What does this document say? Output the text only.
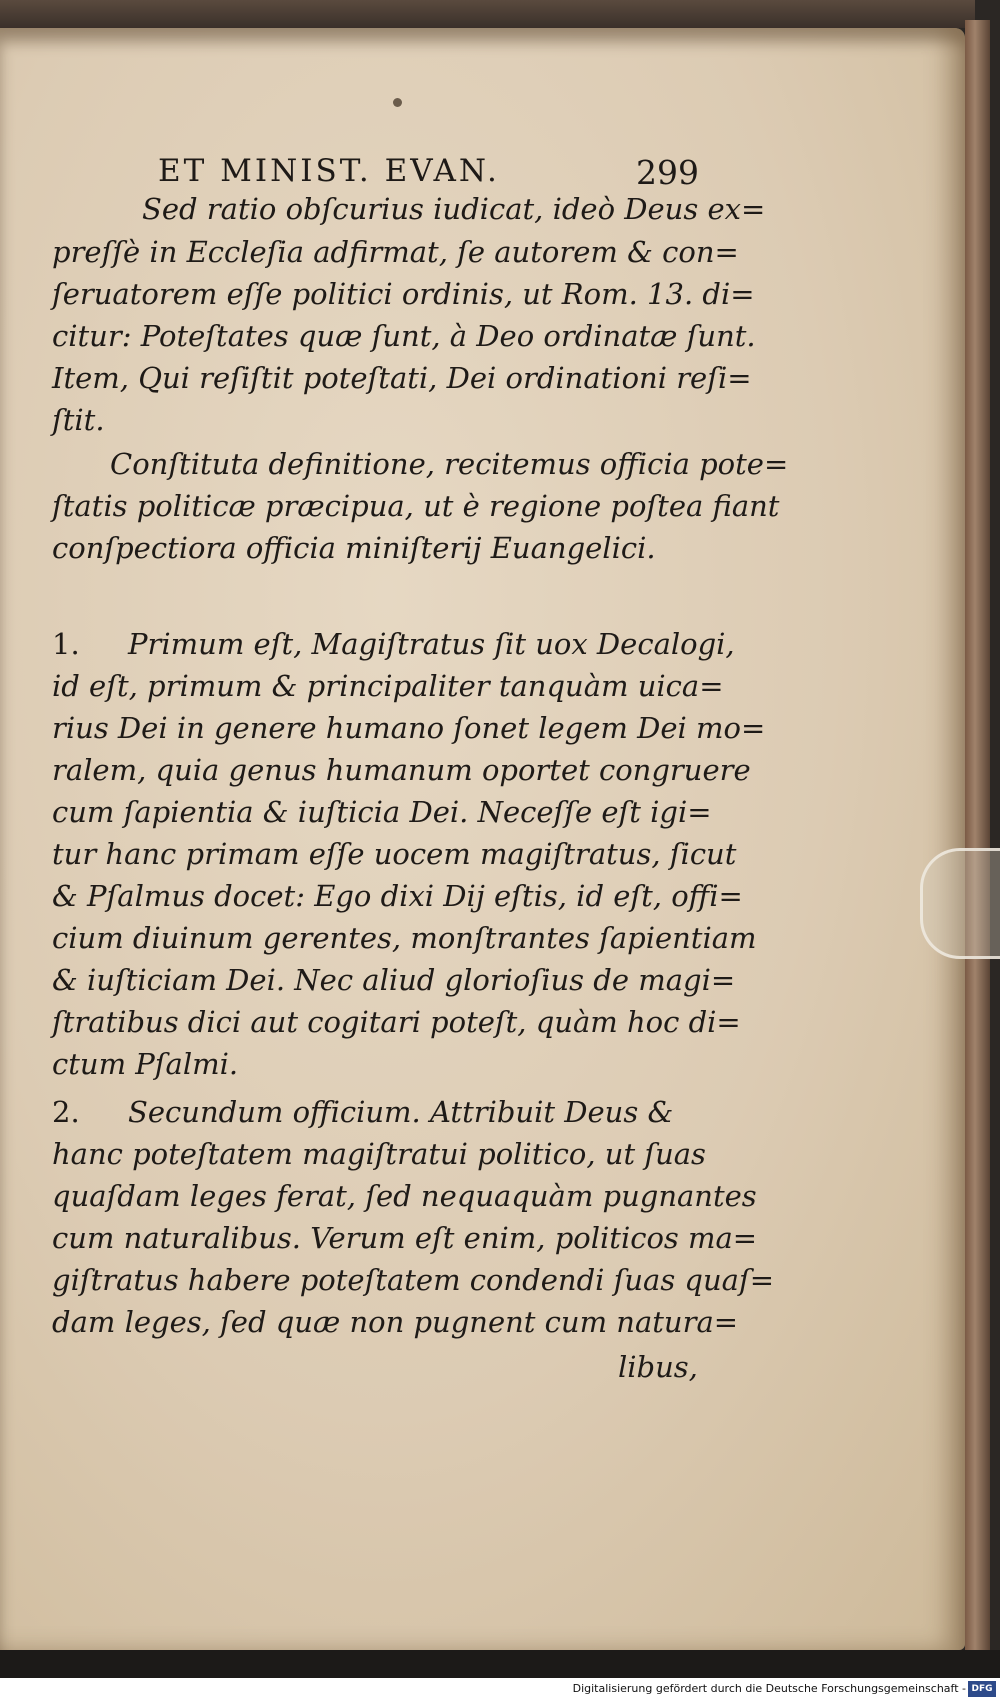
ET MINIST. EVAN.	299
Sed ratio obſcurius iudicat, ideò Deus ex=
preſſè in Eccleſia adfirmat, ſe autorem & con=
ſeruatorem eſſe politici ordinis, ut Rom. 13. di=
citur: Poteſtates quæ ſunt, à Deo ordinatæ ſunt.
Item, Qui reſiſtit poteſtati, Dei ordinationi reſi=
ſtit.
Conſtituta definitione, recitemus officia pote=
ſtatis politicæ præcipua, ut è regione poſtea fiant
conſpectiora officia miniſterij Euangelici.
1. Primum eſt, Magiſtratus ſit uox Decalogi,
id eſt, primum & principaliter tanquàm uica=
rius Dei in genere humano ſonet legem Dei mo=
ralem, quia genus humanum oportet congruere
cum ſapientia & iuſticia Dei. Neceſſe eſt igi=
tur hanc primam eſſe uocem magiſtratus, ſicut
& Pſalmus docet: Ego dixi Dij eſtis, id eſt, offi=
cium diuinum gerentes, monſtrantes ſapientiam
& iuſticiam Dei. Nec aliud glorioſius de magi=
ſtratibus dici aut cogitari poteſt, quàm hoc di=
ctum Pſalmi.
2. Secundum officium. Attribuit Deus &
hanc poteſtatem magiſtratui politico, ut ſuas
quaſdam leges ferat, ſed nequaquàm pugnantes
cum naturalibus. Verum eſt enim, politicos ma=
giſtratus habere poteſtatem condendi ſuas quaſ=
dam leges, ſed quæ non pugnent cum natura=
libus,
Digitalisierung gefördert durch die Deutsche Forschungsgemeinschaft - DFG
